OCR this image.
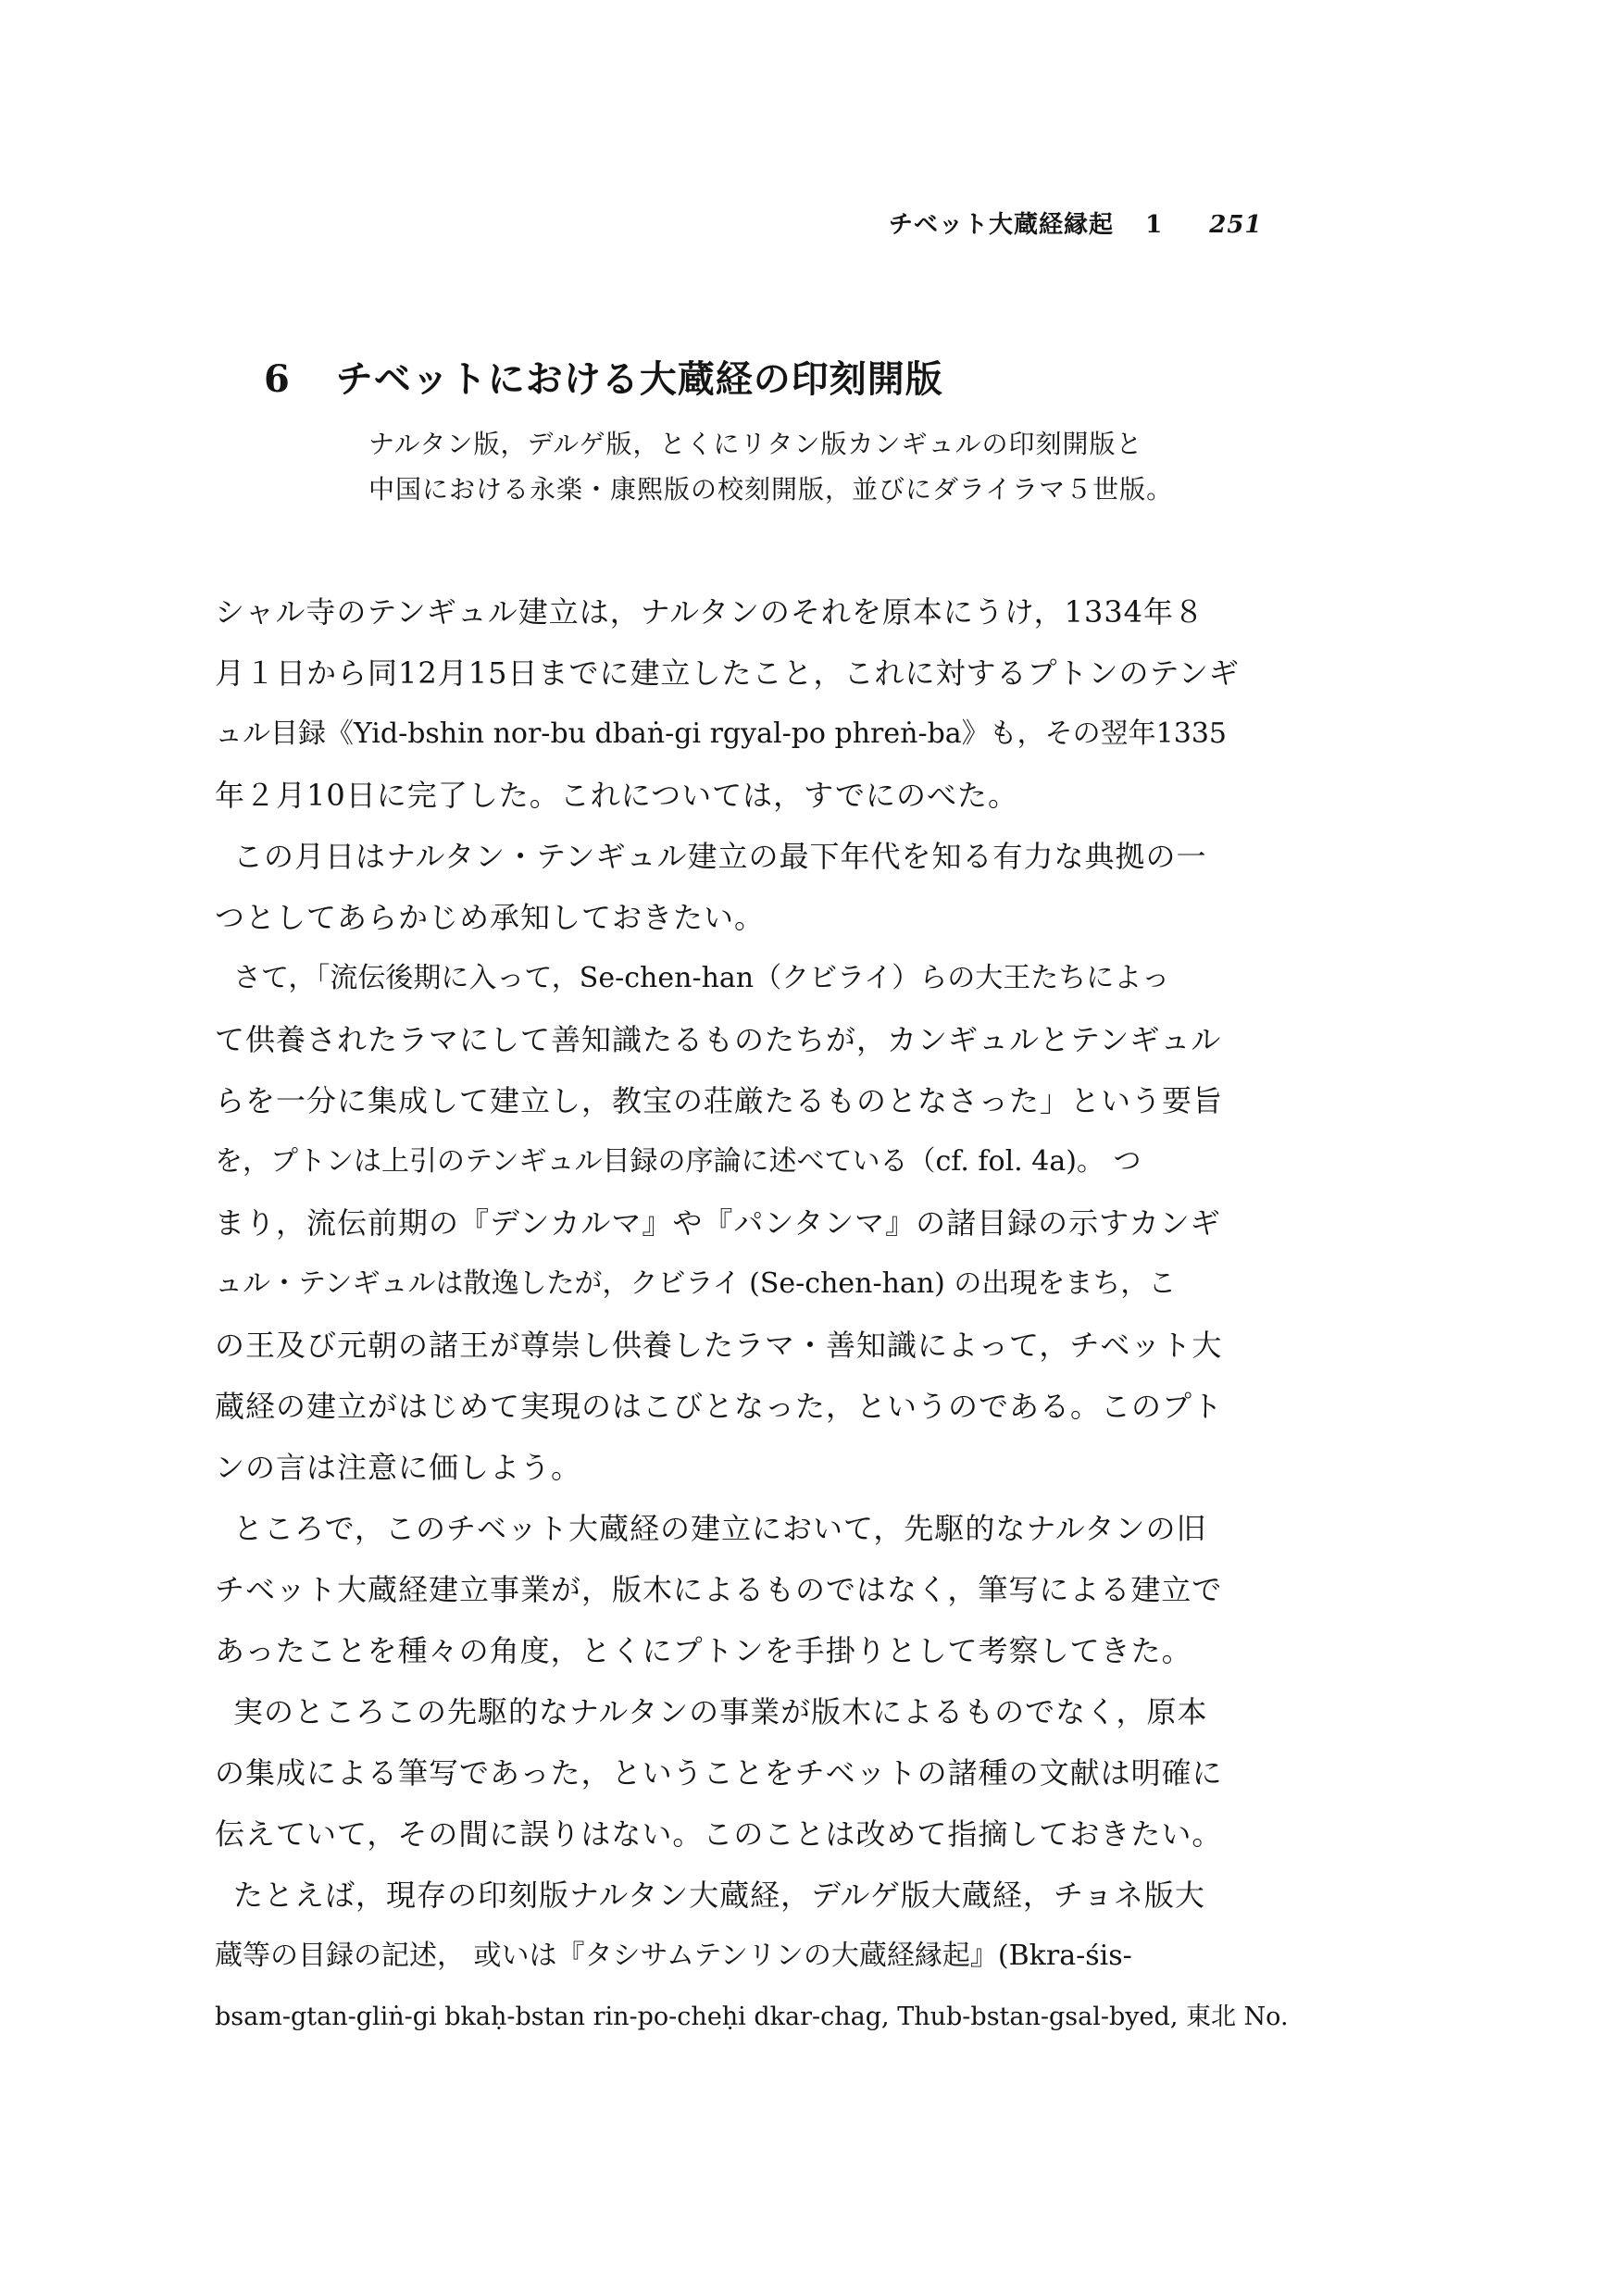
チベット大蔵経縁起 1 251
6 チベットにおける大蔵経の印刻開版
ナルタン版，デルゲ版，とくにリタン版カンギュルの印刻開版と
中国における永楽・康熙版の校刻開版，並びにダライラマ５世版。
シャル寺のテンギュル建立は，ナルタンのそれを原本にうけ，1334年８
月１日から同12月15日までに建立したこと，これに対するプトンのテンギ
ュル目録《Yid-bshin nor-bu dbaṅ-gi rgyal-po phreṅ-ba》も，その翌年1335
年２月10日に完了した。これについては，すでにのべた。
この月日はナルタン・テンギュル建立の最下年代を知る有力な典拠の一
つとしてあらかじめ承知しておきたい。
さて，「流伝後期に入って，Se-chen-han（クビライ）らの大王たちによっ
て供養されたラマにして善知識たるものたちが，カンギュルとテンギュル
らを一分に集成して建立し，教宝の荘厳たるものとなさった」という要旨
を，プトンは上引のテンギュル目録の序論に述べている（cf. fol. 4a)。 つ
まり，流伝前期の『デンカルマ』や『パンタンマ』の諸目録の示すカンギ
ュル・テンギュルは散逸したが，クビライ (Se-chen-han) の出現をまち，こ
の王及び元朝の諸王が尊崇し供養したラマ・善知識によって，チベット大
蔵経の建立がはじめて実現のはこびとなった，というのである。このプト
ンの言は注意に価しよう。
ところで，このチベット大蔵経の建立において，先駆的なナルタンの旧
チベット大蔵経建立事業が，版木によるものではなく，筆写による建立で
あったことを種々の角度，とくにプトンを手掛りとして考察してきた。
実のところこの先駆的なナルタンの事業が版木によるものでなく，原本
の集成による筆写であった，ということをチベットの諸種の文献は明確に
伝えていて，その間に誤りはない。このことは改めて指摘しておきたい。
たとえば，現存の印刻版ナルタン大蔵経，デルゲ版大蔵経，チョネ版大
蔵等の目録の記述， 或いは『タシサムテンリンの大蔵経縁起』(Bkra-śis-
bsam-gtan-gliṅ-gi bkaḥ-bstan rin-po-cheḥi dkar-chag, Thub-bstan-gsal-byed, 東北 No.
